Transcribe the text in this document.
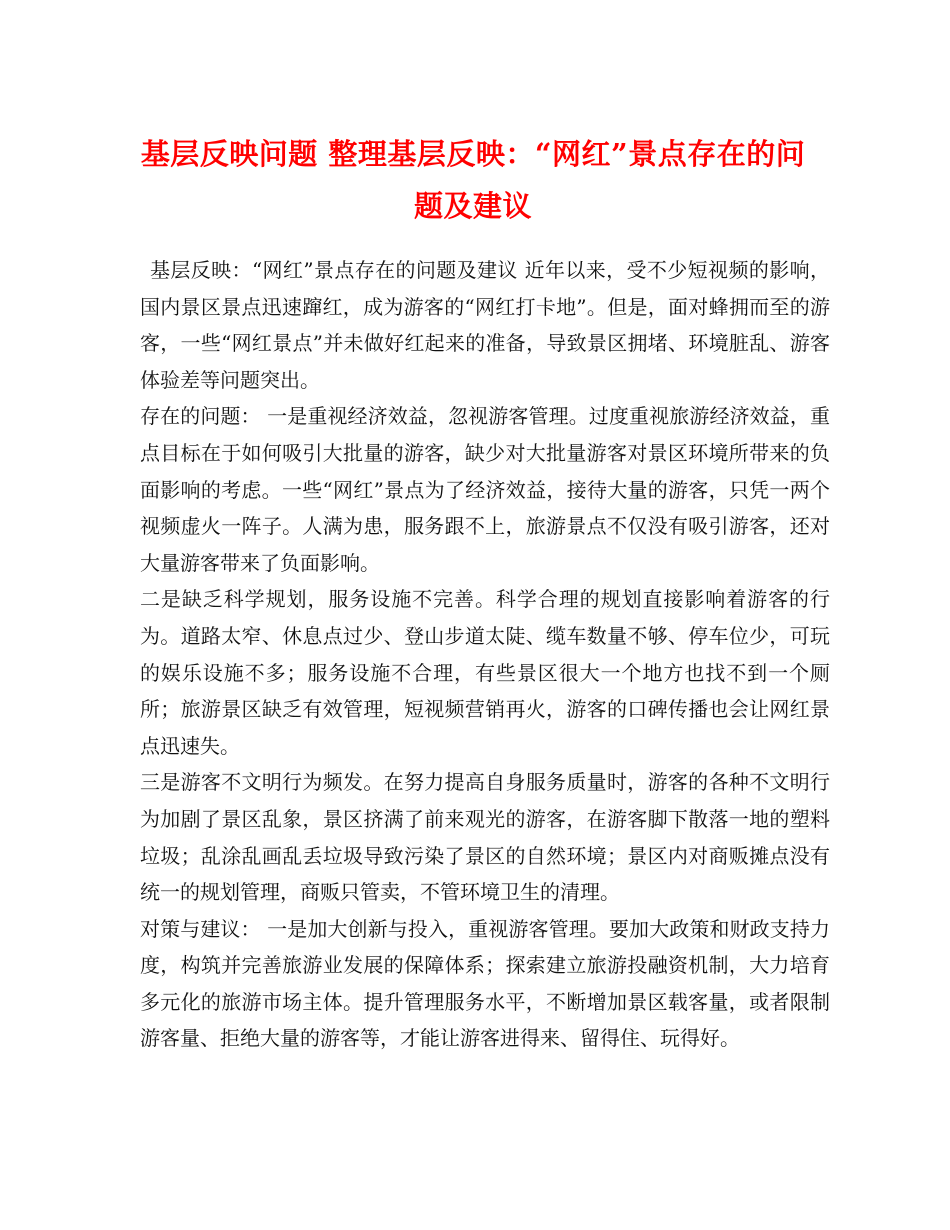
基层反映问题 整理基层反映：“网红”景点存在的问
题及建议

基层反映：“网红”景点存在的问题及建议 近年以来，受不少短视频的影响，国内景区景点迅速蹿红，成为游客的“网红打卡地”。但是，面对蜂拥而至的游客，一些“网红景点”并未做好红起来的准备，导致景区拥堵、环境脏乱、游客体验差等问题突出。

存在的问题： 一是重视经济效益，忽视游客管理。过度重视旅游经济效益，重点目标在于如何吸引大批量的游客，缺少对大批量游客对景区环境所带来的负面影响的考虑。一些“网红”景点为了经济效益，接待大量的游客，只凭一两个视频虚火一阵子。人满为患，服务跟不上，旅游景点不仅没有吸引游客，还对大量游客带来了负面影响。

二是缺乏科学规划，服务设施不完善。科学合理的规划直接影响着游客的行为。道路太窄、休息点过少、登山步道太陡、缆车数量不够、停车位少，可玩的娱乐设施不多；服务设施不合理，有些景区很大一个地方也找不到一个厕所；旅游景区缺乏有效管理，短视频营销再火，游客的口碑传播也会让网红景点迅速失。

三是游客不文明行为频发。在努力提高自身服务质量时，游客的各种不文明行为加剧了景区乱象，景区挤满了前来观光的游客，在游客脚下散落一地的塑料垃圾；乱涂乱画乱丢垃圾导致污染了景区的自然环境；景区内对商贩摊点没有统一的规划管理，商贩只管卖，不管环境卫生的清理。

对策与建议： 一是加大创新与投入，重视游客管理。要加大政策和财政支持力度，构筑并完善旅游业发展的保障体系；探索建立旅游投融资机制，大力培育多元化的旅游市场主体。提升管理服务水平，不断增加景区载客量，或者限制游客量、拒绝大量的游客等，才能让游客进得来、留得住、玩得好。
